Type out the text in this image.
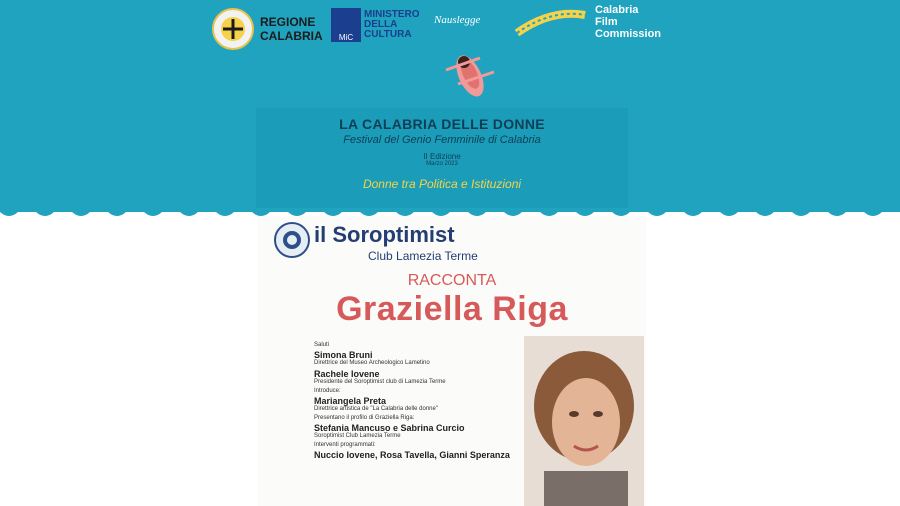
REGIONE
CALABRIA	MiC
MINISTERO
DELLA
CULTURA
Nauslegge
Calabria
Film
Commission
LA CALABRIA DELLE DONNE
Festival del Genio Femminile di Calabria
II Edizione
Marzo 2023
Donne tra Politica e Istituzioni
il Soroptimist
Club Lamezia Terme
RACCONTA
Graziella Riga
Saluti
Simona Bruni
Direttrice del Museo Archeologico Lametino
Rachele Iovene
Presidente del Soroptimist club di Lamezia Terme
Introduce:
Mariangela Preta
Direttrice artistica de "La Calabria delle donne"
Presentano il profilo di Graziella Riga:
Stefania Mancuso e Sabrina Curcio
Soroptimist Club Lamezia Terme
Interventi programmati:
Nuccio Iovene, Rosa Tavella, Gianni Speranza
